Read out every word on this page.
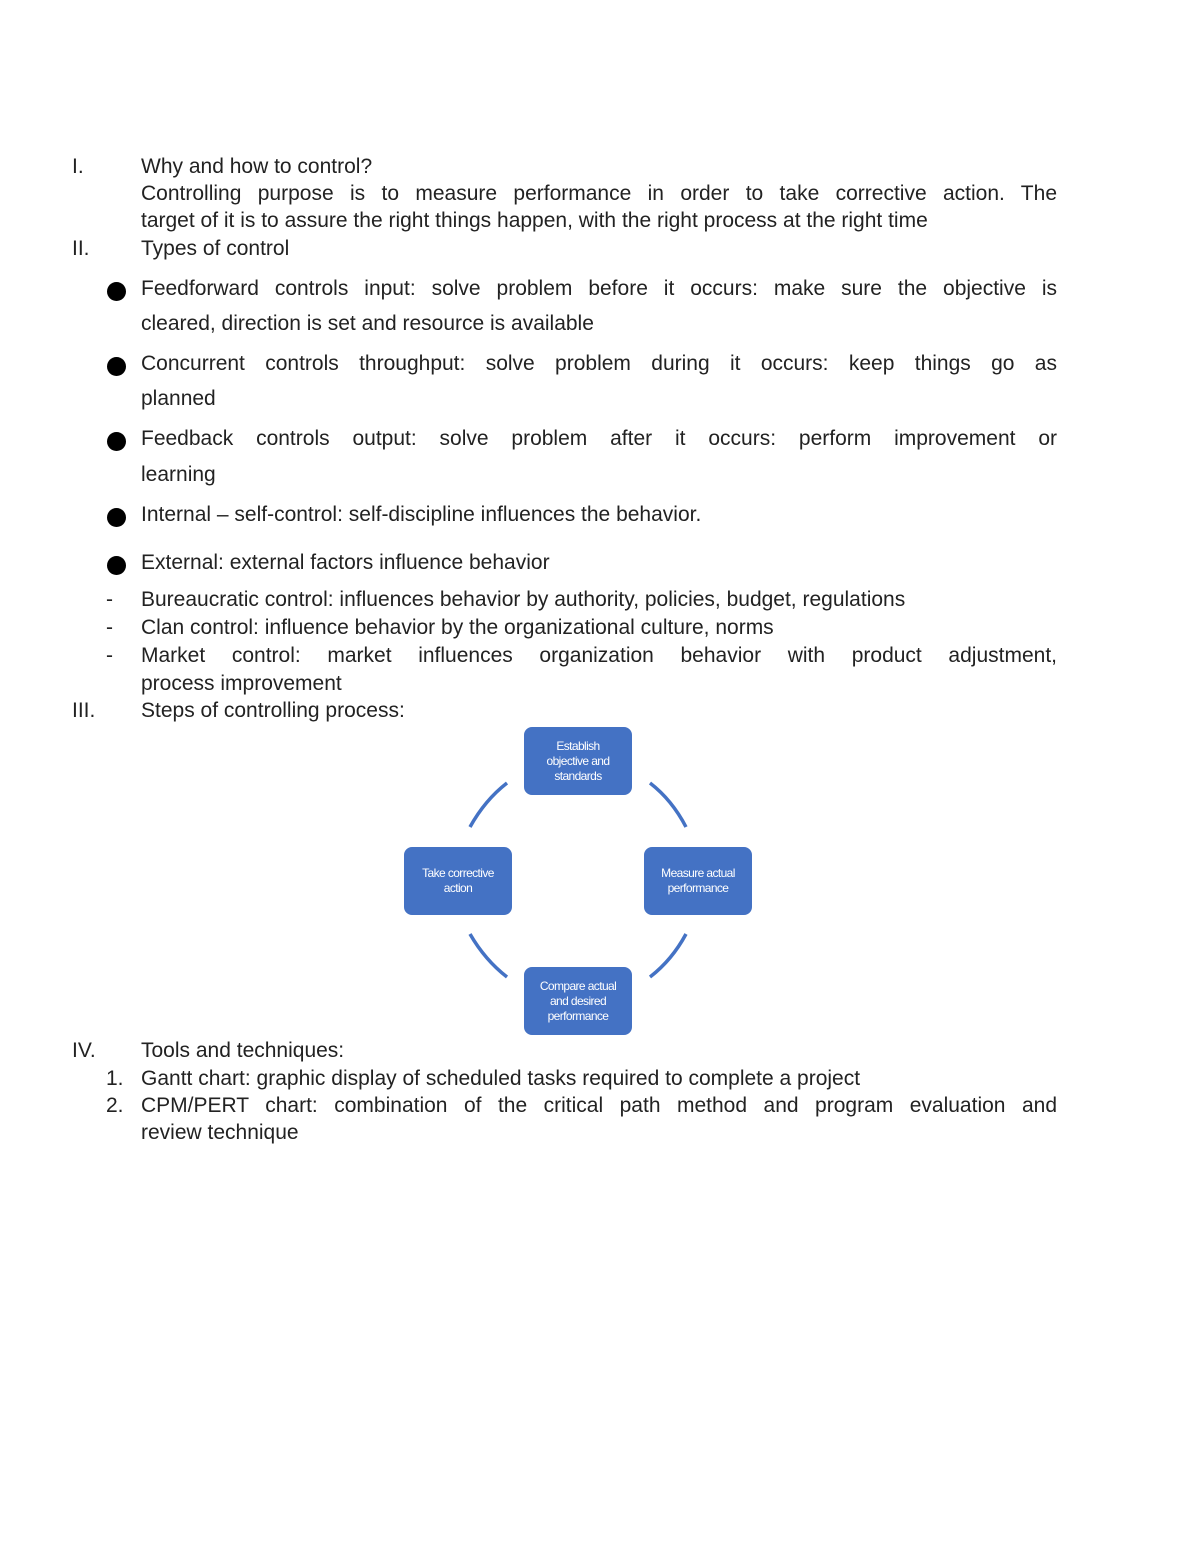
I.	Why and how to control?
Controlling purpose is to measure performance in order to take corrective action. The
target of it is to assure the right things happen, with the right process at the right time
II. Types of control
Feedforward controls input: solve problem before it occurs: make sure the objective is
cleared, direction is set and resource is available
Concurrent controls throughput: solve problem during it occurs: keep things go as
planned
Feedback controls output: solve problem after it occurs: perform improvement or
learning
Internal – self-control: self-discipline influences the behavior.
External: external factors influence behavior
- Bureaucratic control: influences behavior by authority, policies, budget, regulations
- Clan control: influence behavior by the organizational culture, norms
- Market control: market influences organization behavior with product adjustment,
process improvement
III. Steps of controlling process:
Establish
objective and
standards
Measure actual
performance
Compare actual
and desired
performance
Take corrective
action
IV. Tools and techniques:
1. Gantt chart: graphic display of scheduled tasks required to complete a project
2. CPM/PERT chart: combination of the critical path method and program evaluation and
review technique
